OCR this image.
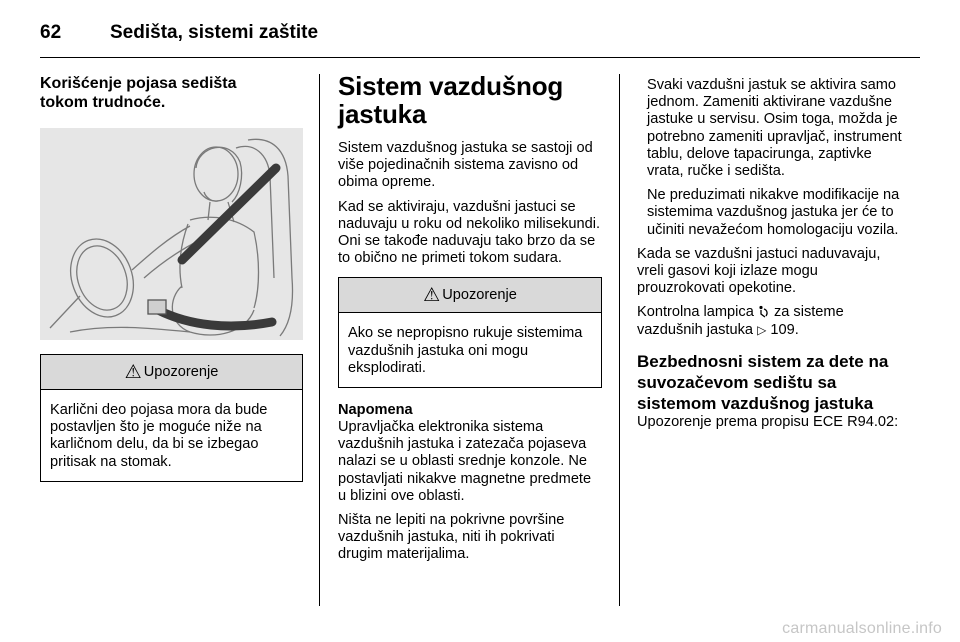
62	Sedišta, sistemi zaštite
Korišćenje pojasa sedišta
tokom trudnoće.
⚠ Upozorenje

Karlični deo pojasa mora da bude postavljen što je moguće niže na karličnom delu, da bi se izbegao pritisak na stomak.

Sistem vazdušnog
jastuka

Sistem vazdušnog jastuka se sastoji od više pojedinačnih sistema zavisno od obima opreme.

Kad se aktiviraju, vazdušni jastuci se naduvaju u roku od nekoliko milisekundi. Oni se takođe naduvaju tako brzo da se to obično ne primeti tokom sudara.

⚠ Upozorenje

Ako se nepropisno rukuje sistemima vazdušnih jastuka oni mogu eksplodirati.

Napomena

Upravljačka elektronika sistema vazdušnih jastuka i zatezača pojaseva nalazi se u oblasti srednje konzole. Ne postavljati nikakve magnetne predmete u blizini ove oblasti.

Ništa ne lepiti na pokrivne površine vazdušnih jastuka, niti ih pokrivati drugim materijalima.

Svaki vazdušni jastuk se aktivira samo jednom. Zameniti aktivirane vazdušne jastuke u servisu. Osim toga, možda je potrebno zameniti upravljač, instrument tablu, delove tapacirunga, zaptivke vrata, ručke i sedišta.

Ne preduzimati nikakve modifikacije na sistemima vazdušnog jastuka jer će to učiniti nevažećom homologaciju vozila.

Kada se vazdušni jastuci naduvavaju, vreli gasovi koji izlaze mogu prouzrokovati opekotine.

Kontrolna lampica za sisteme vazdušnih jastuka ▷ 109.

Bezbednosni sistem za dete na suvozačevom sedištu sa sistemom vazdušnog jastuka

Upozorenje prema propisu ECE R94.02:

carmanualsonline.info
